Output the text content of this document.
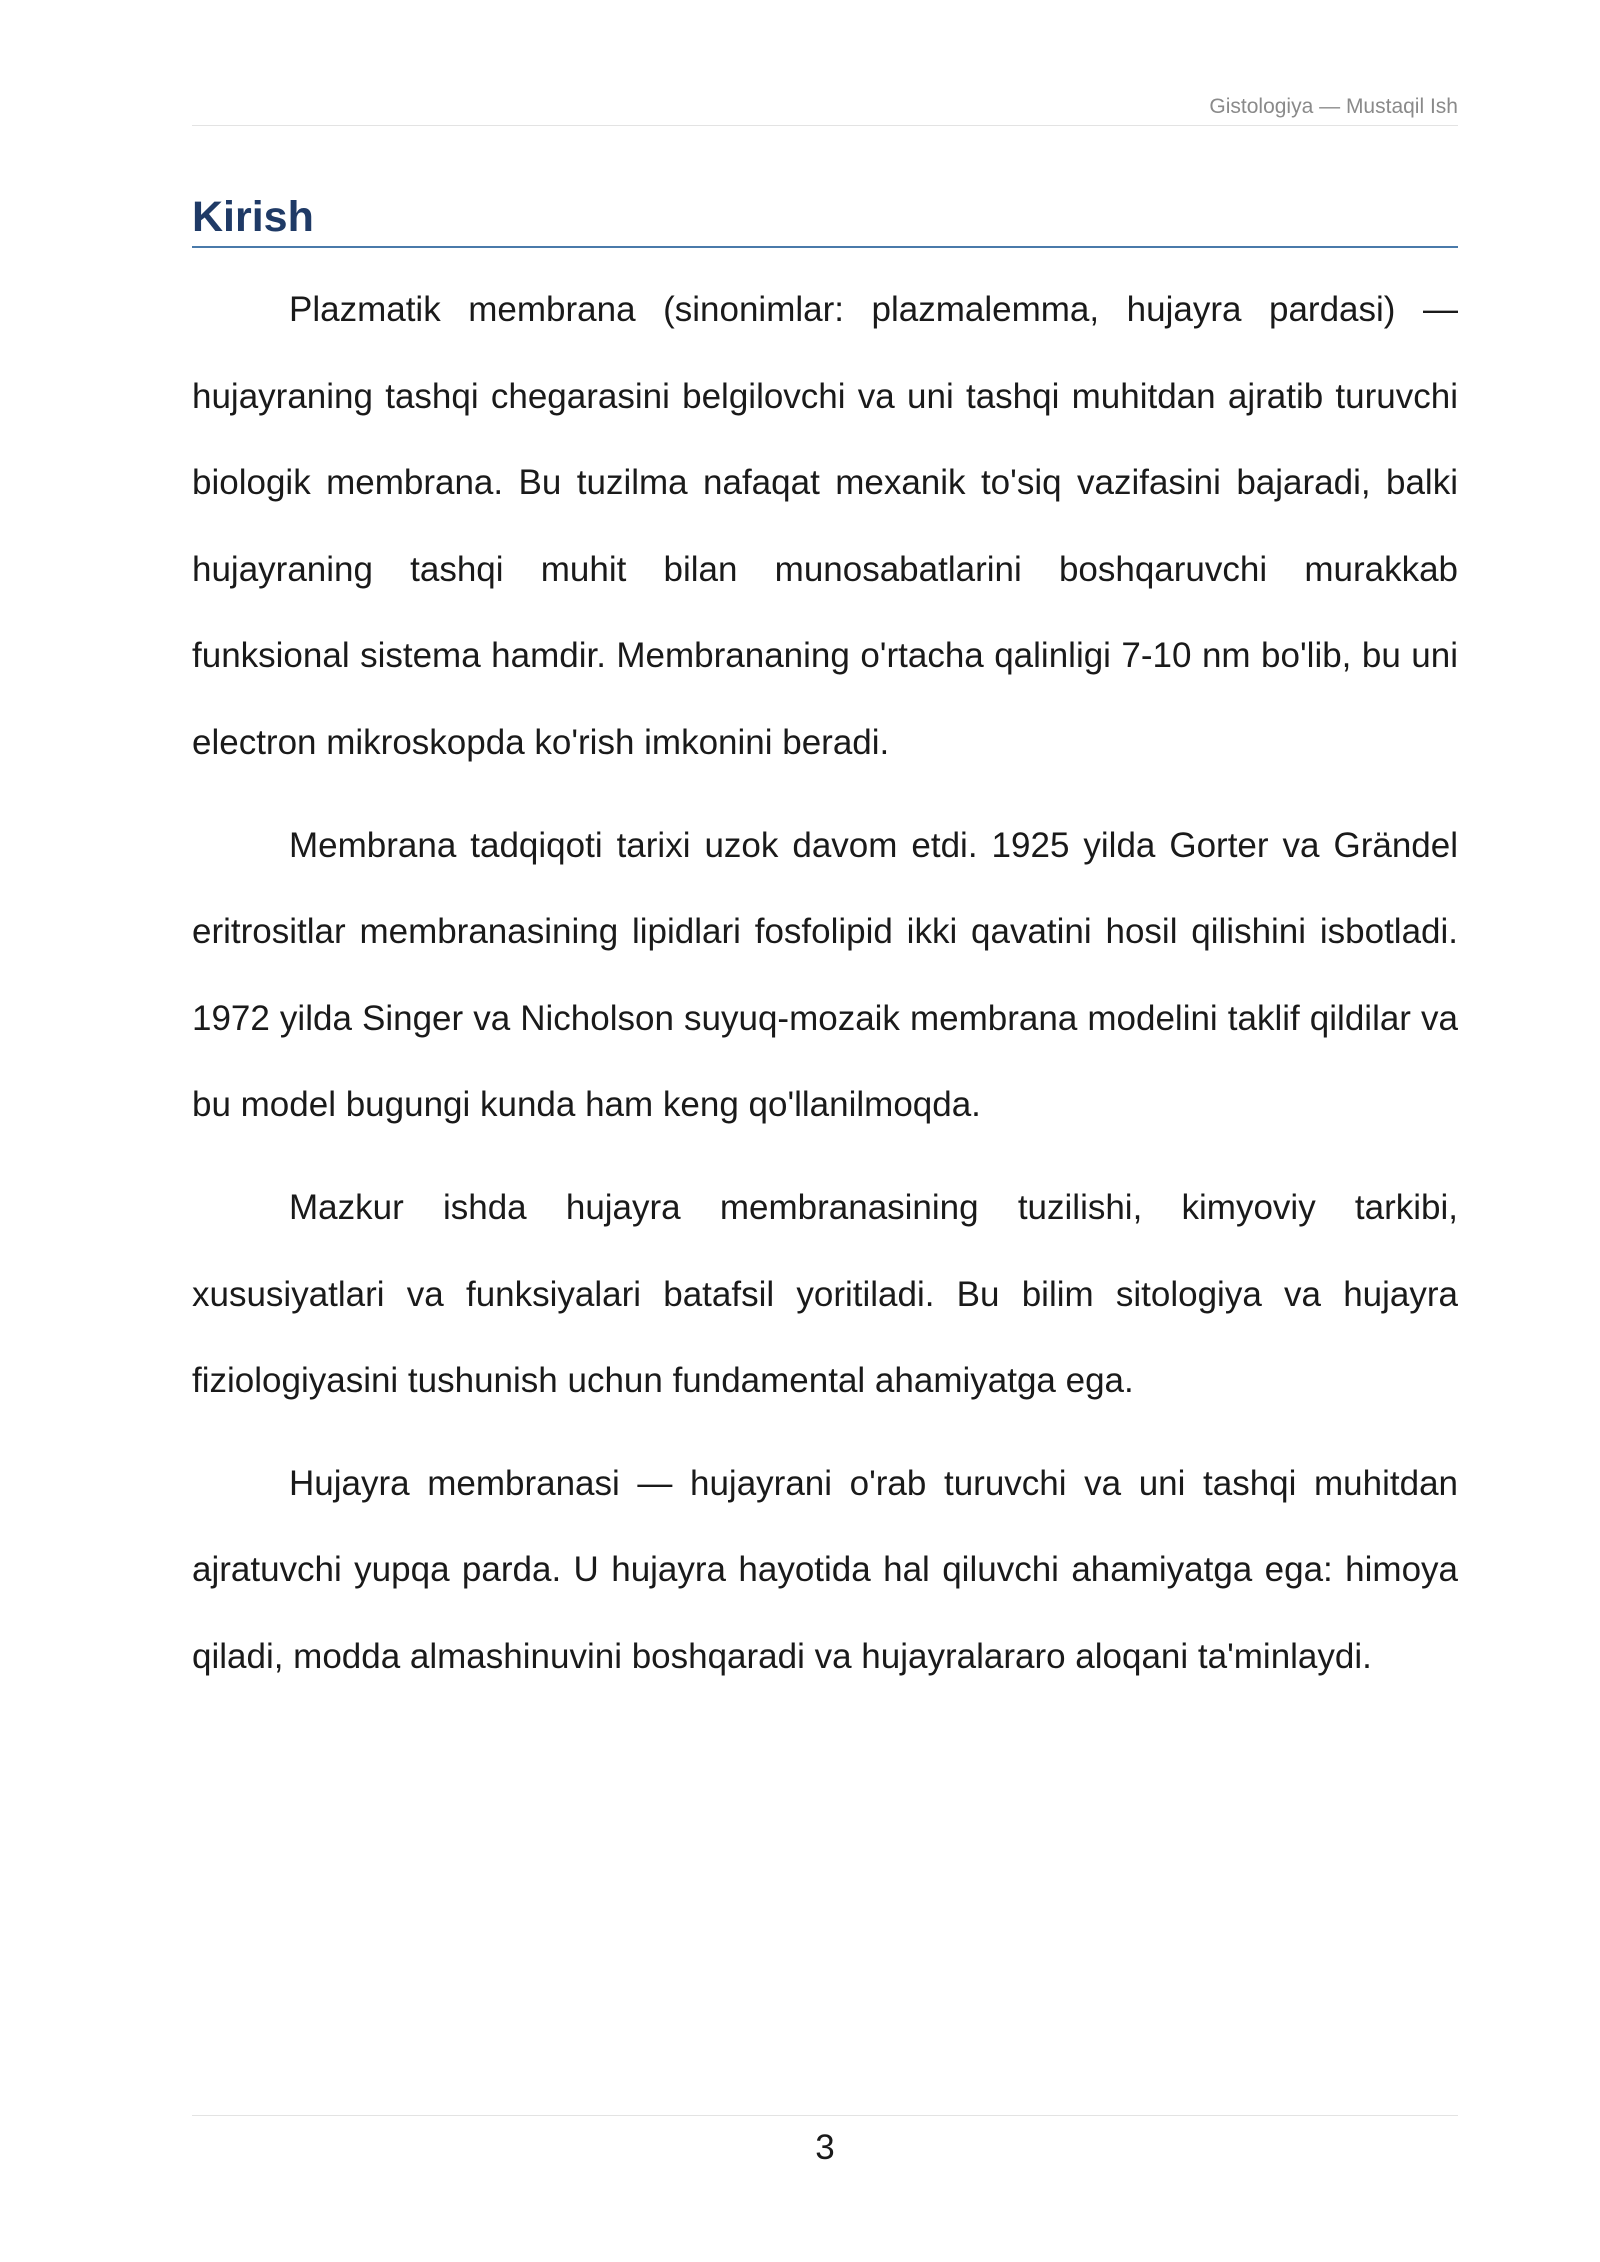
Gistologiya — Mustaqil Ish
Kirish

Plazmatik membrana (sinonimlar: plazmalemma, hujayra pardasi) — hujayraning tashqi chegarasini belgilovchi va uni tashqi muhitdan ajratib turuvchi biologik membrana. Bu tuzilma nafaqat mexanik to'siq vazifasini bajaradi, balki hujayraning tashqi muhit bilan munosabatlarini boshqaruvchi murakkab funksional sistema hamdir. Membrananing o'rtacha qalinligi 7-10 nm bo'lib, bu uni electron mikroskopda ko'rish imkonini beradi.

Membrana tadqiqoti tarixi uzok davom etdi. 1925 yilda Gorter va Grändel eritrositlar membranasining lipidlari fosfolipid ikki qavatini hosil qilishini isbotladi. 1972 yilda Singer va Nicholson suyuq-mozaik membrana modelini taklif qildilar va bu model bugungi kunda ham keng qo'llanilmoqda.

Mazkur ishda hujayra membranasining tuzilishi, kimyoviy tarkibi, xususiyatlari va funksiyalari batafsil yoritiladi. Bu bilim sitologiya va hujayra fiziologiyasini tushunish uchun fundamental ahamiyatga ega.

Hujayra membranasi — hujayrani o'rab turuvchi va uni tashqi muhitdan ajratuvchi yupqa parda. U hujayra hayotida hal qiluvchi ahamiyatga ega: himoya qiladi, modda almashinuvini boshqaradi va hujayralararo aloqani ta'minlaydi.

3
